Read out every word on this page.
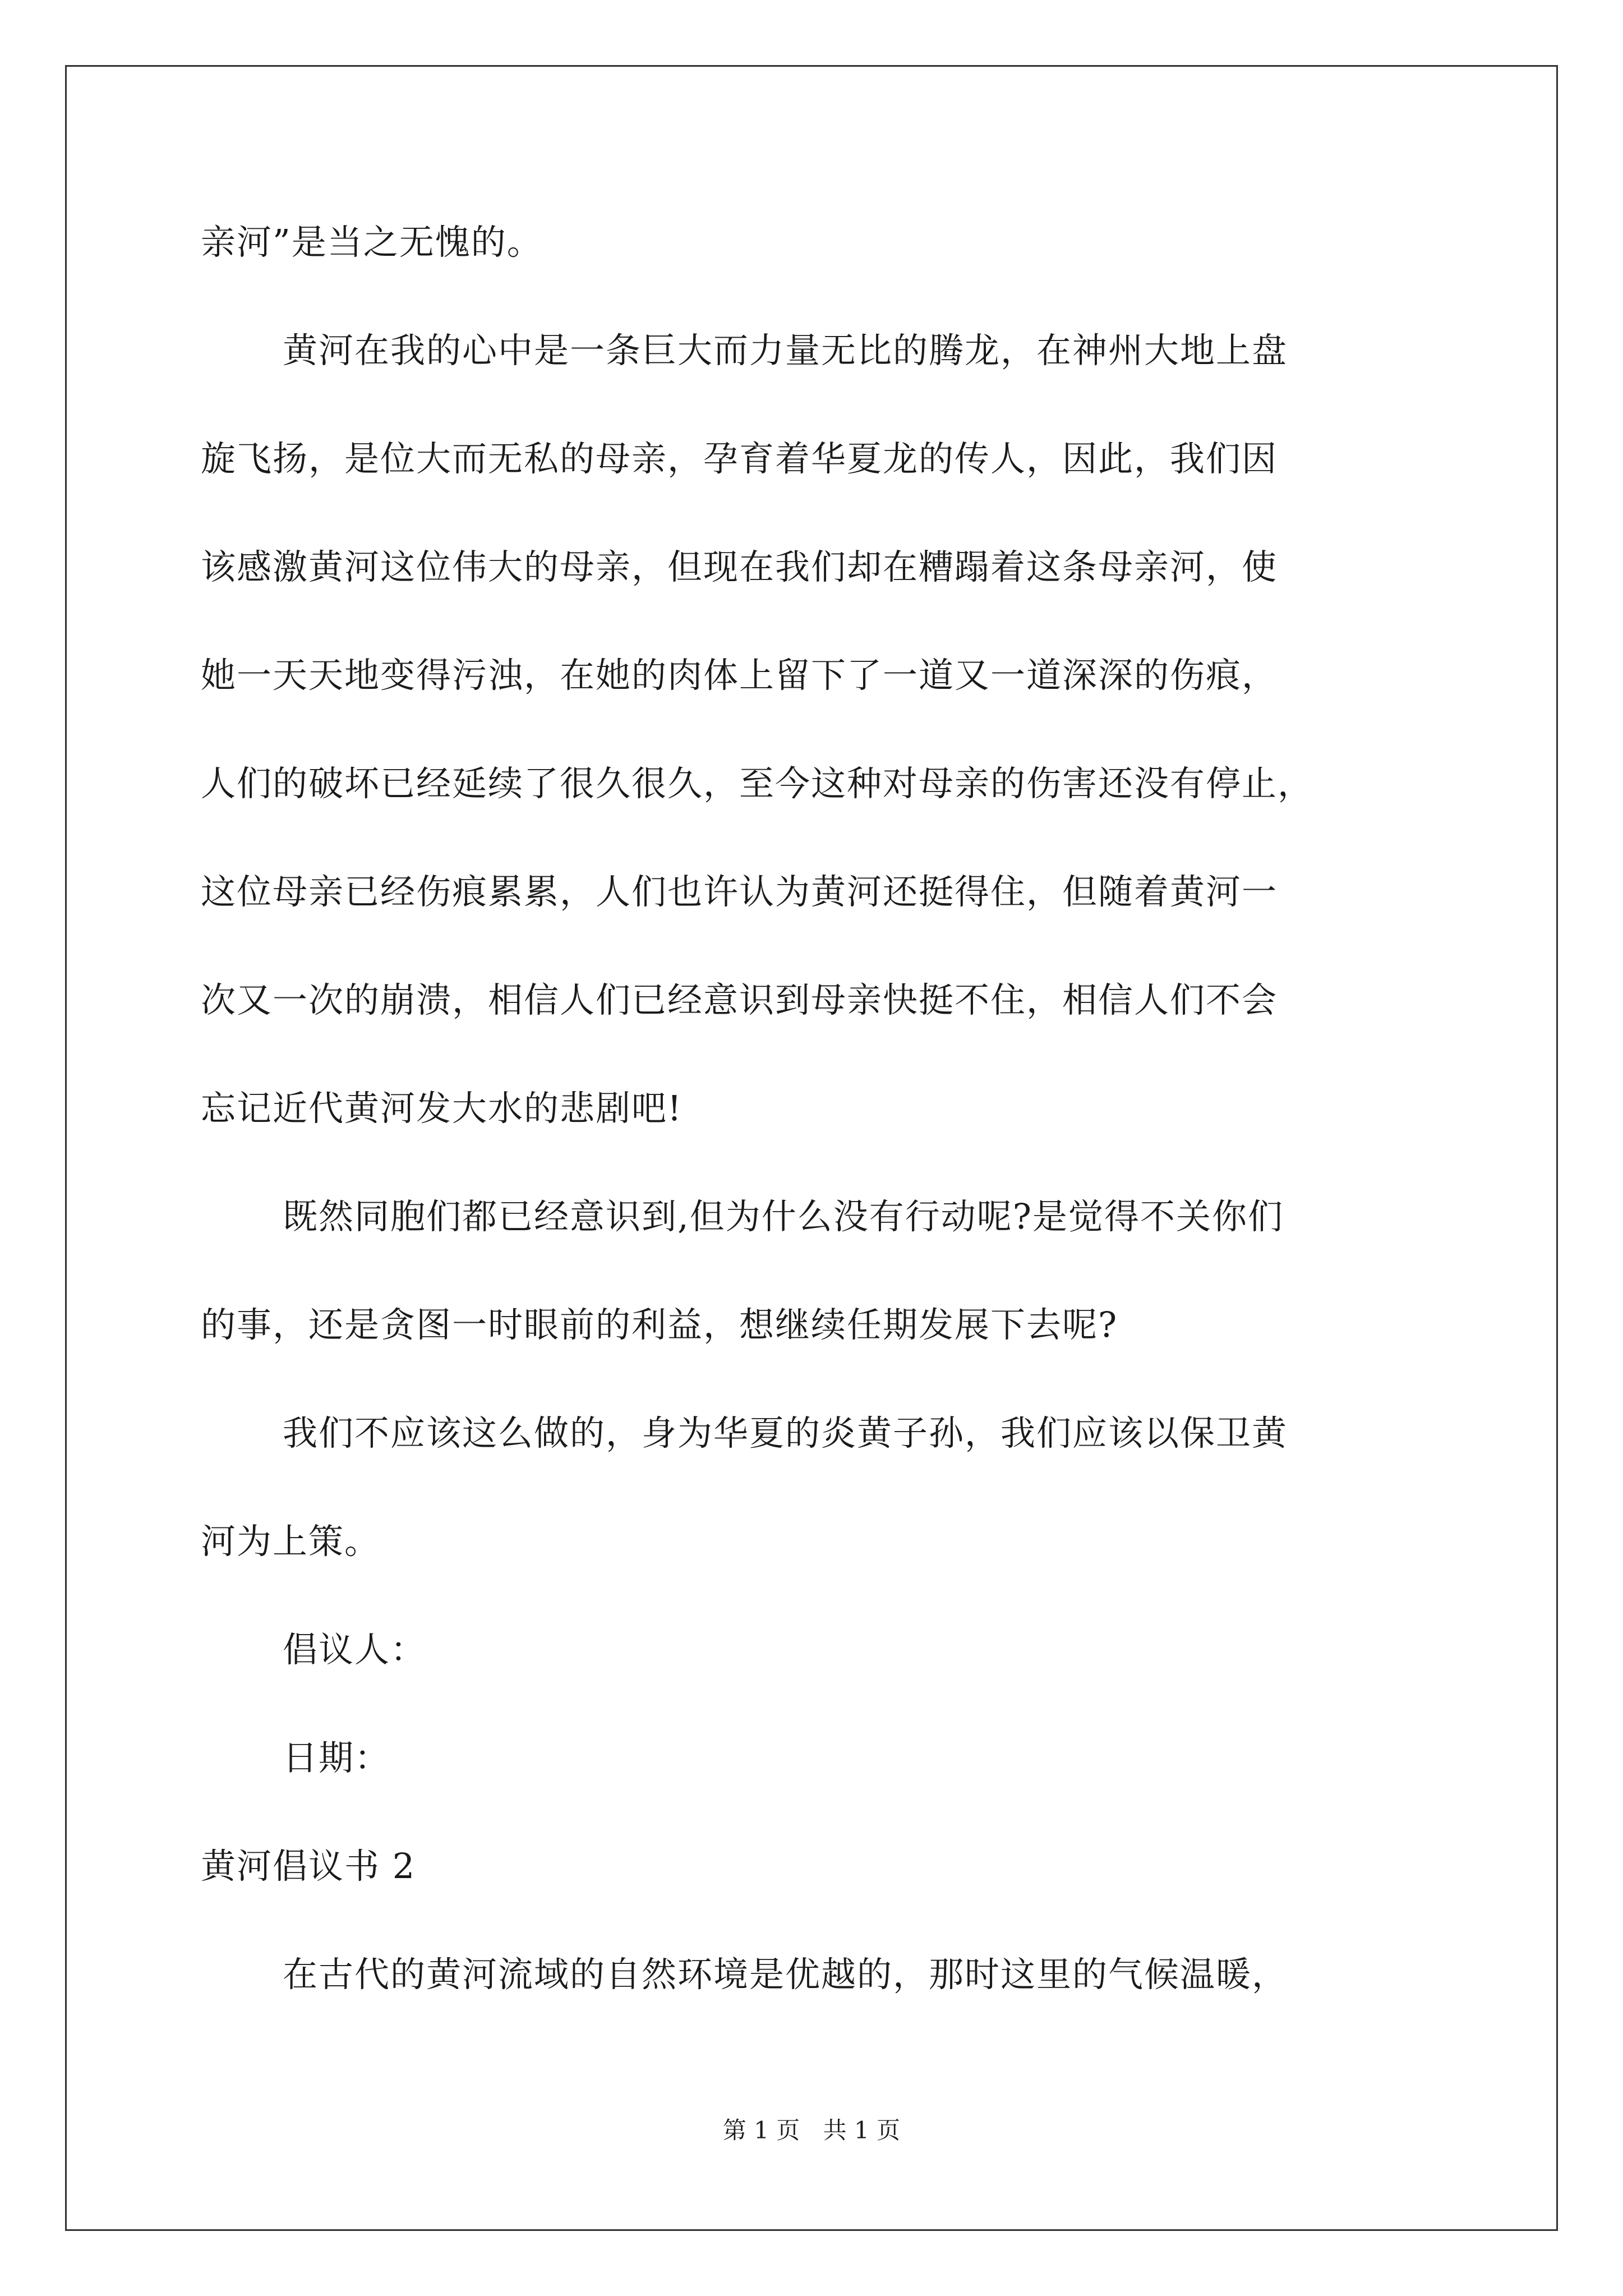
亲河”是当之无愧的。
黄河在我的心中是一条巨大而力量无比的腾龙，在神州大地上盘
旋飞扬，是位大而无私的母亲，孕育着华夏龙的传人，因此，我们因
该感激黄河这位伟大的母亲，但现在我们却在糟蹋着这条母亲河，使
她一天天地变得污浊，在她的肉体上留下了一道又一道深深的伤痕，
人们的破坏已经延续了很久很久，至今这种对母亲的伤害还没有停止，
这位母亲已经伤痕累累，人们也许认为黄河还挺得住，但随着黄河一
次又一次的崩溃，相信人们已经意识到母亲快挺不住，相信人们不会
忘记近代黄河发大水的悲剧吧!
既然同胞们都已经意识到,但为什么没有行动呢?是觉得不关你们
的事，还是贪图一时眼前的利益，想继续任期发展下去呢?
我们不应该这么做的，身为华夏的炎黄子孙，我们应该以保卫黄
河为上策。
倡议人：
日期：
黄河倡议书 2
在古代的黄河流域的自然环境是优越的，那时这里的气候温暖，
第 1 页 共 1 页
